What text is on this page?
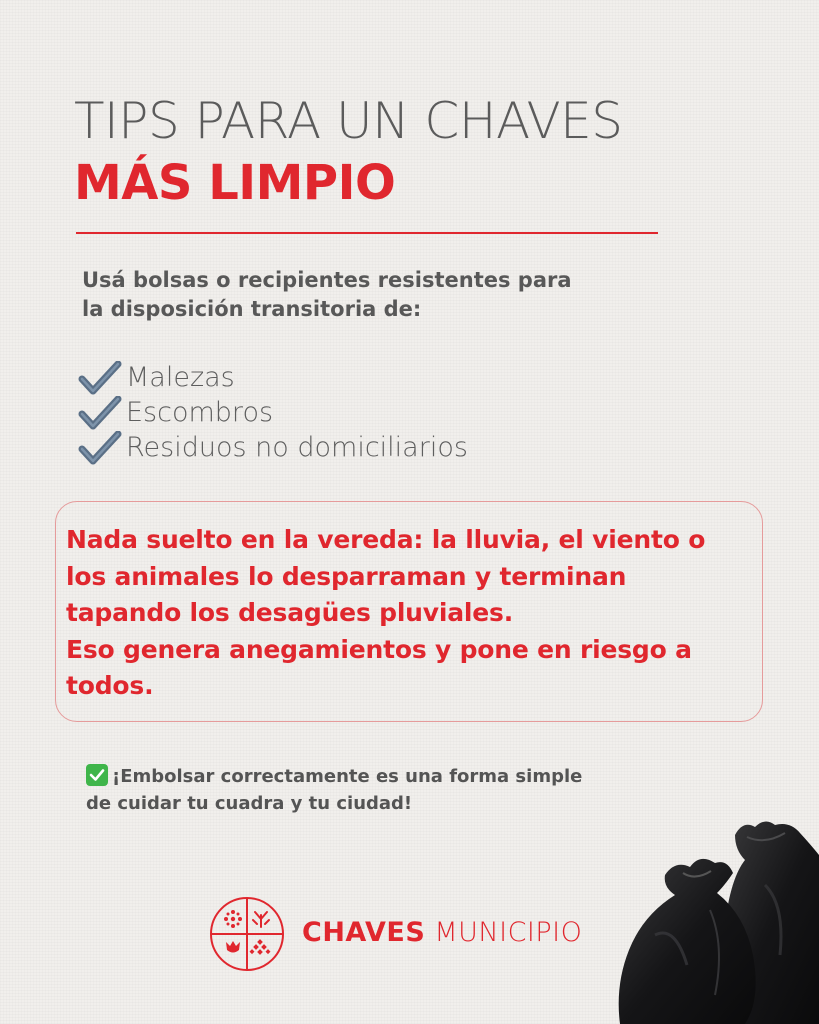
TIPS PARA UN CHAVES
MÁS LIMPIO
Usá bolsas o recipientes resistentes para
la disposición transitoria de:
Malezas
Escombros
Residuos no domiciliarios
Nada suelto en la vereda: la lluvia, el viento o
los animales lo desparraman y terminan
tapando los desagües pluviales.
Eso genera anegamientos y pone en riesgo a
todos.
¡Embolsar correctamente es una forma simple
de cuidar tu cuadra y tu ciudad!
CHAVES MUNICIPIO
